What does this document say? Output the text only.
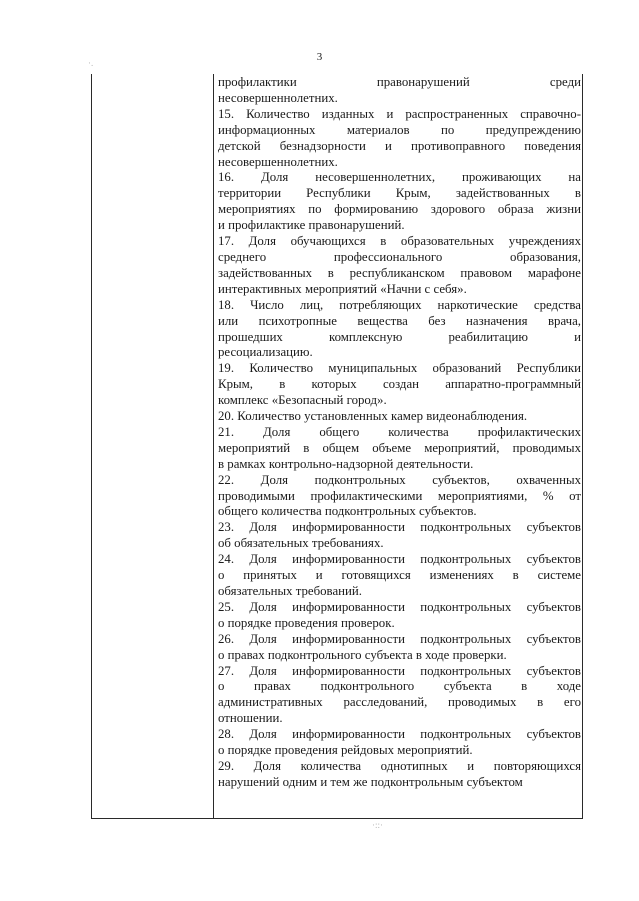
3
·.
·::·

профилактики правонарушений среди
несовершеннолетних.

15. Количество изданных и распространенных справочно-
информационных материалов по предупреждению
детской безнадзорности и противоправного поведения
несовершеннолетних.

16. Доля несовершеннолетних, проживающих на
территории Республики Крым, задействованных в
мероприятиях по формированию здорового образа жизни
и профилактике правонарушений.

17. Доля обучающихся в образовательных учреждениях
среднего профессионального образования,
задействованных в республиканском правовом марафоне
интерактивных мероприятий «Начни с себя».

18. Число лиц, потребляющих наркотические средства
или психотропные вещества без назначения врача,
прошедших комплексную реабилитацию и
ресоциализацию.

19. Количество муниципальных образований Республики
Крым, в которых создан аппаратно-программный
комплекс «Безопасный город».

20. Количество установленных камер видеонаблюдения.

21. Доля общего количества профилактических
мероприятий в общем объеме мероприятий, проводимых
в рамках контрольно-надзорной деятельности.

22. Доля подконтрольных субъектов, охваченных
проводимыми профилактическими мероприятиями, % от
общего количества подконтрольных субъектов.

23. Доля информированности подконтрольных субъектов
об обязательных требованиях.

24. Доля информированности подконтрольных субъектов
о принятых и готовящихся изменениях в системе
обязательных требований.

25. Доля информированности подконтрольных субъектов
о порядке проведения проверок.

26. Доля информированности подконтрольных субъектов
о правах подконтрольного субъекта в ходе проверки.

27. Доля информированности подконтрольных субъектов
о правах подконтрольного субъекта в ходе
административных расследований, проводимых в его
отношении.

28. Доля информированности подконтрольных субъектов
о порядке проведения рейдовых мероприятий.

29. Доля количества однотипных и повторяющихся
нарушений одним и тем же подконтрольным субъектом
